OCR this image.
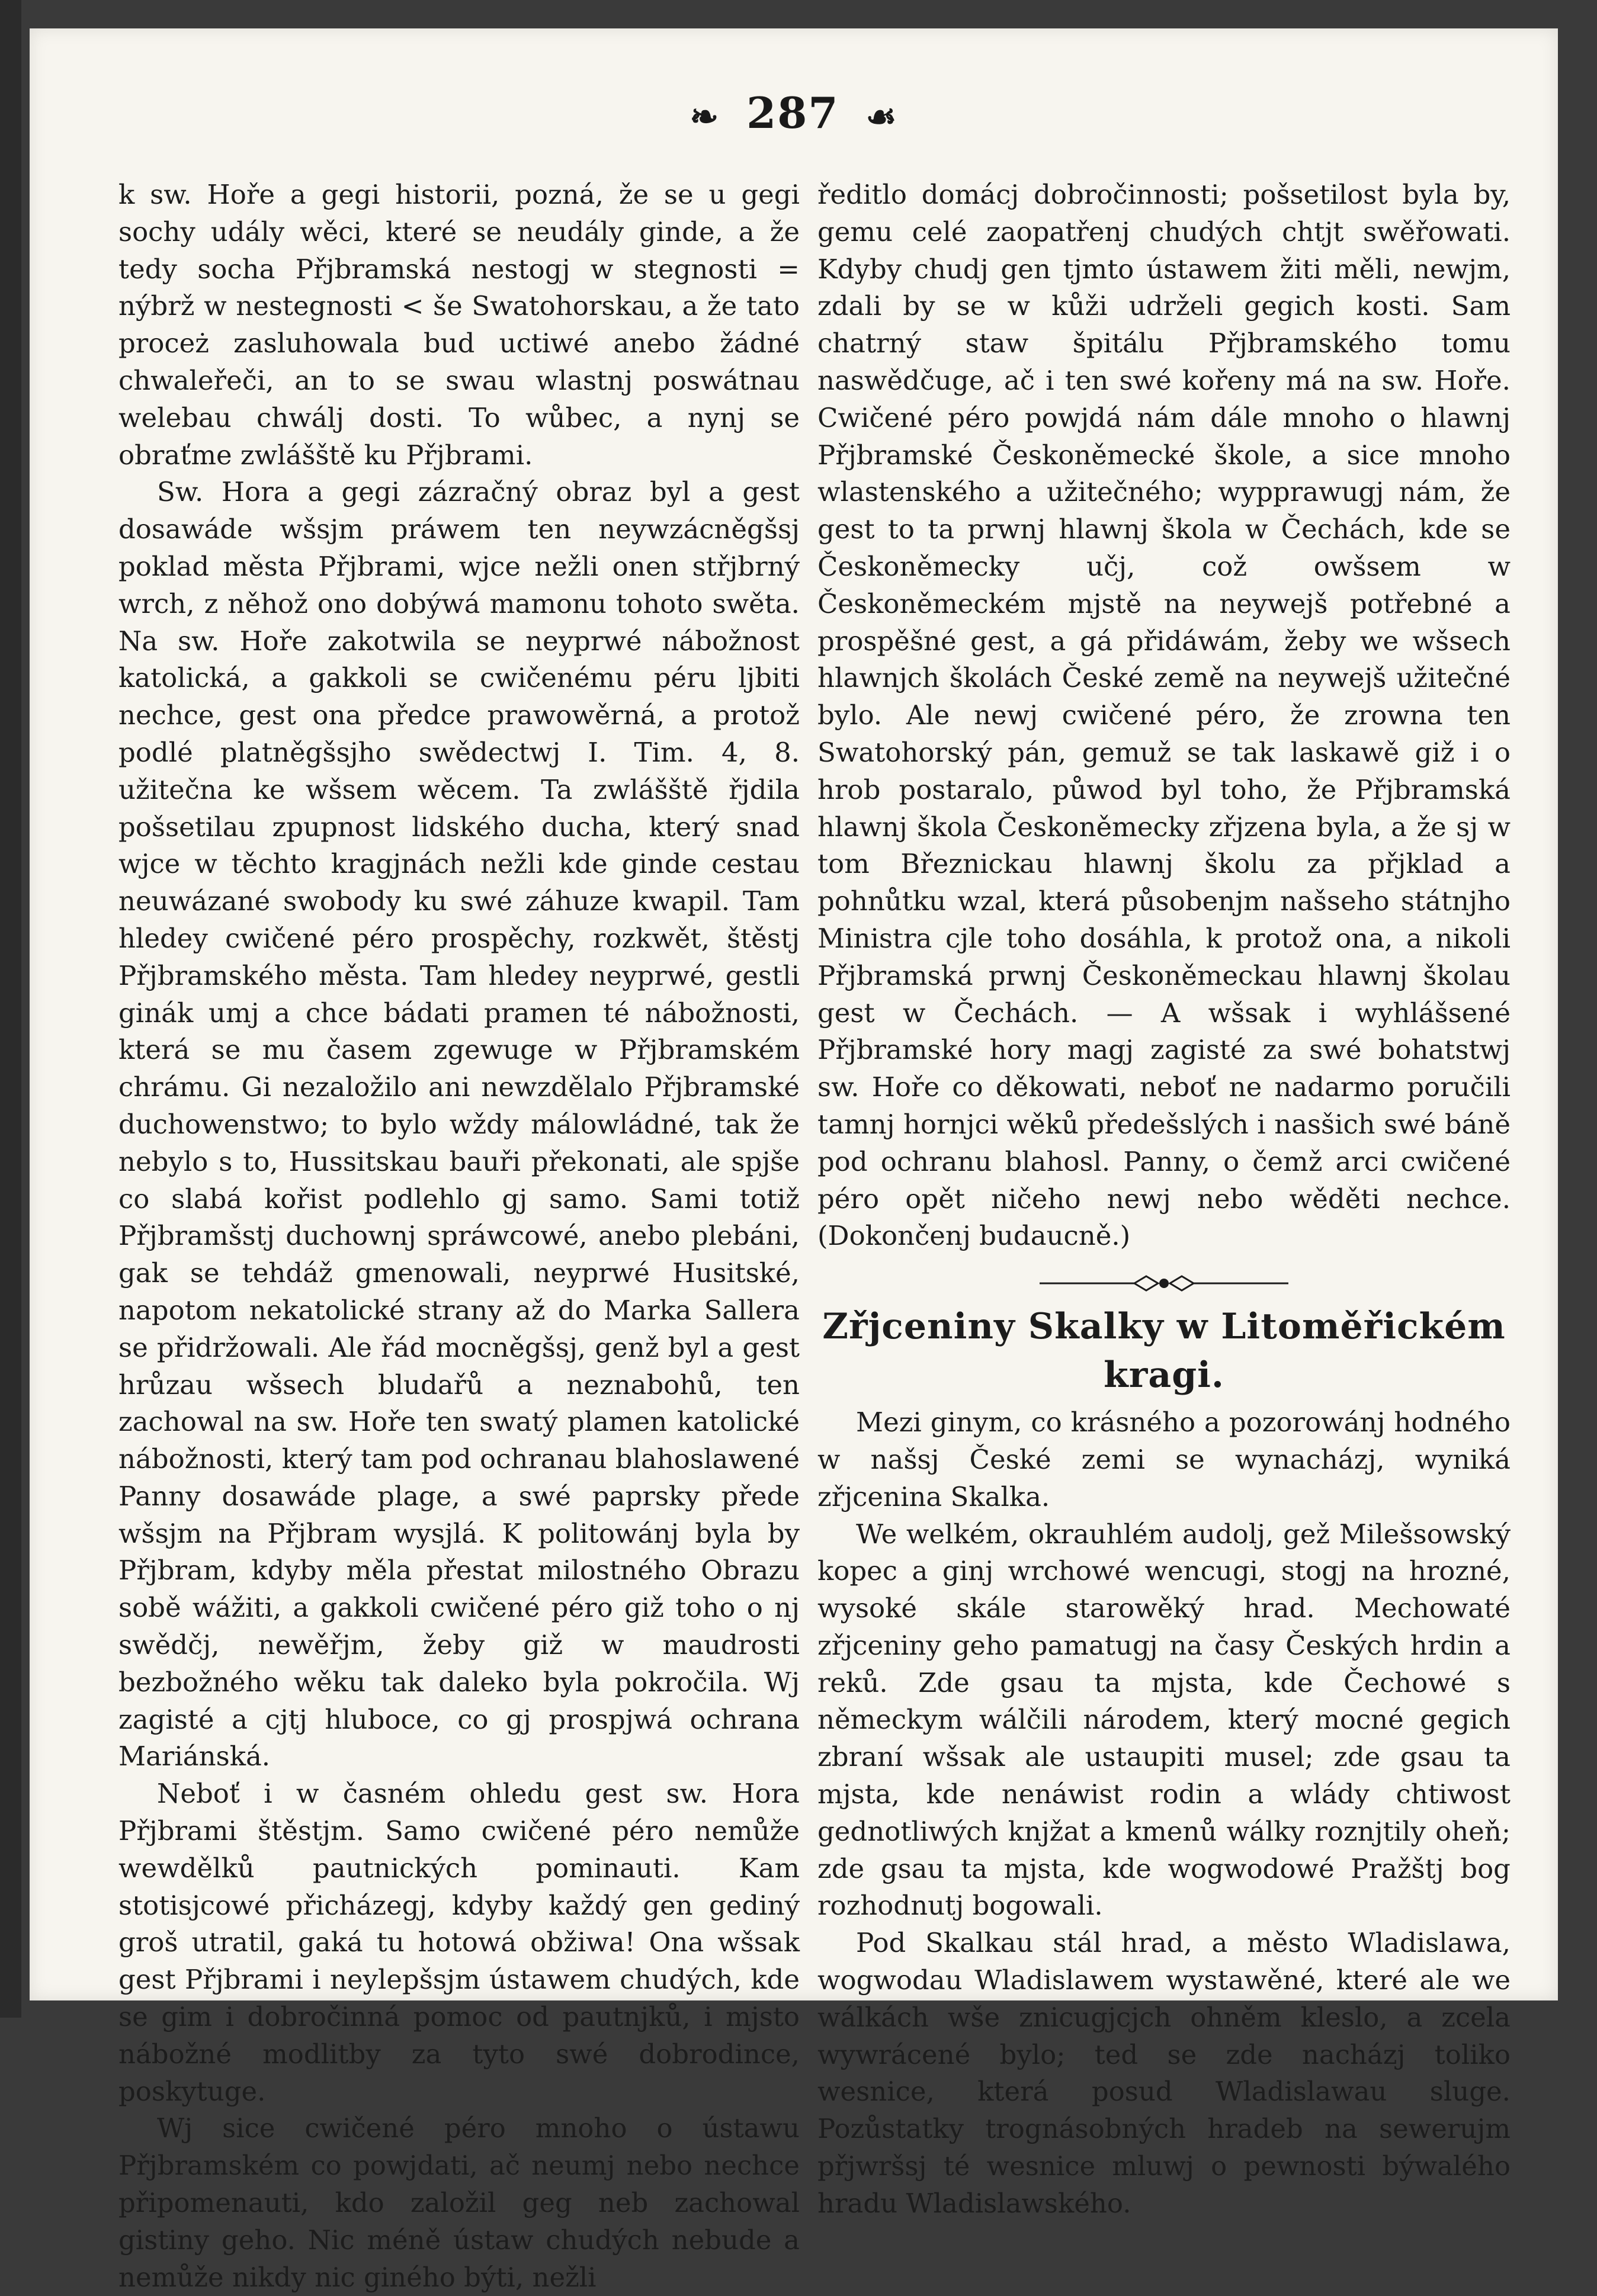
❧ 287 ☙

k sw. Hoře a gegi historii, pozná, že se u gegi sochy udály wěci, které se neudály ginde, a že tedy socha Přjbramská nestogj w stegnosti = nýbrž w nestegnosti < še Swatohorskau, a že tato proceż zasluhowala bud uctiwé anebo žádné chwaleřeči, an to se swau wlastnj poswátnau welebau chwálj dosti. To wůbec, a nynj se obraťme zwlášště ku Přjbrami.

Sw. Hora a gegi zázračný obraz byl a gest dosawáde wšsjm práwem ten neywzácněgšsj poklad města Přjbrami, wjce nežli onen střjbrný wrch, z něhož ono dobýwá mamonu tohoto swěta. Na sw. Hoře zakotwila se neyprwé nábožnost katolická, a gakkoli se cwičenému péru ljbiti nechce, gest ona předce prawowěrná, a protož podlé platněgšsjho swědectwj I. Tim. 4, 8. užitečna ke wšsem wěcem. Ta zwlášště řjdila pošsetilau zpupnost lidského ducha, který snad wjce w těchto kragjnách nežli kde ginde cestau neuwázané swobody ku swé záhuze kwapil. Tam hledey cwičené péro prospěchy, rozkwět, štěstj Přjbramského města. Tam hledey neyprwé, gestli ginák umj a chce bádati pramen té nábožnosti, která se mu časem zgewuge w Přjbramském chrámu. Gi nezaložilo ani newzdělalo Přjbramské duchowenstwo; to bylo wždy málowládné, tak že nebylo s to, Hussitskau bauři překonati, ale spjše co slabá kořist podlehlo gj samo. Sami totiž Přjbramšstj duchownj spráwcowé, anebo plebáni, gak se tehdáž gmenowali, neyprwé Husitské, napotom nekatolické strany až do Marka Sallera se přidržowali. Ale řád mocněgšsj, genž byl a gest hrůzau wšsech bludařů a neznabohů, ten zachowal na sw. Hoře ten swatý plamen katolické nábožnosti, který tam pod ochranau blahoslawené Panny dosawáde plage, a swé paprsky přede wšsjm na Přjbram wysjlá. K politowánj byla by Přjbram, kdyby měla přestat milostného Obrazu sobě wážiti, a gakkoli cwičené péro giž toho o nj swědčj, newěřjm, žeby giž w maudrosti bezbožného wěku tak daleko byla pokročila. Wj zagisté a cjtj hlubocе, co gj prospjwá ochrana Mariánská.

Neboť i w časném ohledu gest sw. Hora Přjbrami štěstjm. Samo cwičené péro nemůže wewdělků pautnických pominauti. Kam stotisjcowé přicházegj, kdyby každý gen gediný groš utratil, gaká tu hotowá obžiwa! Ona wšsak gest Přjbrami i neylepšsjm ústawem chudých, kde se gim i dobročinná pomoc od pautnjků, i mjsto nábožné modlitby za tyto swé dobrodince, poskytuge.

Wj sice cwičené péro mnoho o ústawu Přjbramském co powjdati, ač neumj nebo nechce připomenauti, kdo založil geg neb zachowal gistiny geho. Nic méně ústaw chudých nebude a nemůže nikdy nic giného býti, nežli

ředitlo domácj dobročinnosti; pošsetilost byla by, gemu celé zaopatřenj chudých chtjt swěřowati. Kdyby chudj gen tjmto ústawem žiti měli, newjm, zdali by se w kůži udrželi gegich kosti. Sam chatrný staw špitálu Přjbramského tomu naswědčuge, ač i ten swé kořeny má na sw. Hoře. Cwičené péro powjdá nám dále mnoho o hlawnj Přjbramské Českoněmecké škole, a sice mnoho wlastenského a užitečného; wypprawugj nám, že gest to ta prwnj hlawnj škola w Čechách, kde se Českoněmecky učj, což owšsem w Českoněmeckém mjstě na neywejš potřebné a prospěšné gest, a gá přidáwám, žeby we wšsech hlawnjch školách České země na neywejš užitečné bylo. Ale newj cwičené péro, že zrowna ten Swatohorský pán, gemuž se tak laskawě giž i o hrob postaralo, půwod byl toho, že Přjbramská hlawnj škola Českoněmecky zřjzena byla, a že sj w tom Březnickau hlawnj školu za přjklad a pohnůtku wzal, která působenjm našseho státnjho Ministra cjle toho dosáhla, k protož ona, a nikoli Přjbramská prwnj Českoněmeckau hlawnj školau gest w Čechách. — A wšsak i wyhlášsené Přjbramské hory magj zagisté za swé bohatstwj sw. Hoře co děkowati, neboť ne nadarmo poručili tamnj hornjci wěků předešslých i nasšich swé báně pod ochranu blahosl. Panny, o čemž arci cwičené péro opět ničeho newj nebo wěděti nechce. (Dokončenj budaucně.)

Zřjceniny Skalky w Litoměřickém kragi.

Mezi ginym, co krásného a pozorowánj hodného w našsj České zemi se wynacházj, wyniká zřjcenina Skalka.

We welkém, okrauhlém audolj, gež Milešsowský kopec a ginj wrchowé wencugi, stogj na hrozné, wysoké skále starowěký hrad. Mechowaté zřjceniny geho pamatugj na časy Českých hrdin a reků. Zde gsau ta mjsta, kde Čechowé s německym wálčili národem, který mocné gegich zbraní wšsak ale ustaupiti musel; zde gsau ta mjsta, kde nenáwist rodin a wlády chtiwost gednotliwých knjžat a kmenů wálky roznjtily oheň; zde gsau ta mjsta, kde wogwodowé Pražštj bog rozhodnutj bogowali.

Pod Skalkau stál hrad, a město Wladislawa, wogwodau Wladislawem wystawěné, které ale we wálkách wše znicugjcjch ohněm kleslo, a zcela wywrácené bylo; ted se zde nacházj toliko wesnice, která posud Wladislawau sluge. Pozůstatky trognásobných hradeb na sewerujm přjwršsj té wesnice mluwj o pewnosti býwalého hradu Wladislawského.
